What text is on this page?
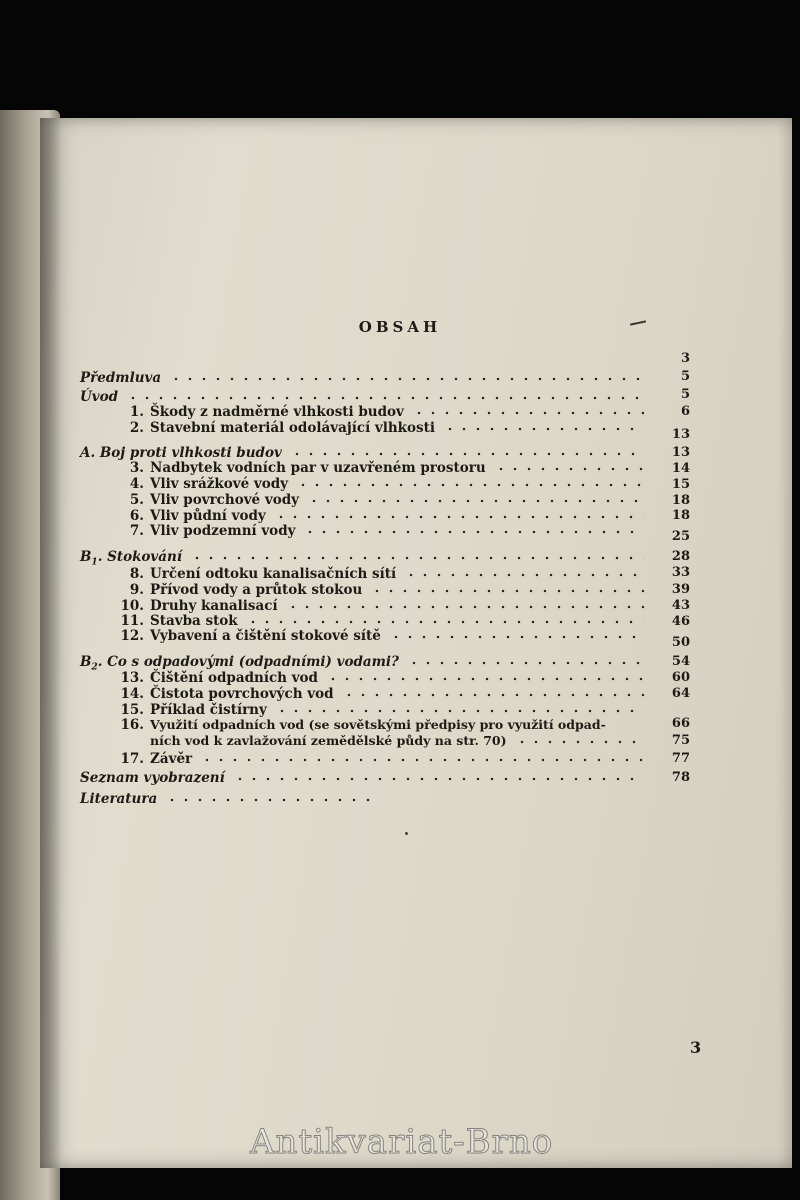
OBSAH
3
5
5
6
13
13
14
15
18
18
25
28
33
39
43
46
50
54
60
64
66
75
77
78
Předmluva
Úvod
1. Škody z nadměrné vlhkosti budov
2. Stavební materiál odolávající vlhkosti
A. Boj proti vlhkosti budov
3. Nadbytek vodních par v uzavřeném prostoru
4. Vliv srážkové vody
5. Vliv povrchové vody
6. Vliv půdní vody
7. Vliv podzemní vody
$B_1$. Stokování
8. Určení odtoku kanalisačních sítí
9. Přívod vody a průtok stokou
10. Druhy kanalisací
11. Stavba stok
12. Vybavení a čištění stokové sítě
$B_2$. Co s odpadovými (odpadními) vodami?
13. Čištění odpadních vod
14. Čistota povrchových vod
15. Příklad čistírny
16. Využití odpadních vod (se sovětskými předpisy pro využití odpad-
ních vod k zavlažování zemědělské půdy na str. 70)
17. Závěr
Seznam vyobrazení
Literatura
3
Antikvariat-Brno
